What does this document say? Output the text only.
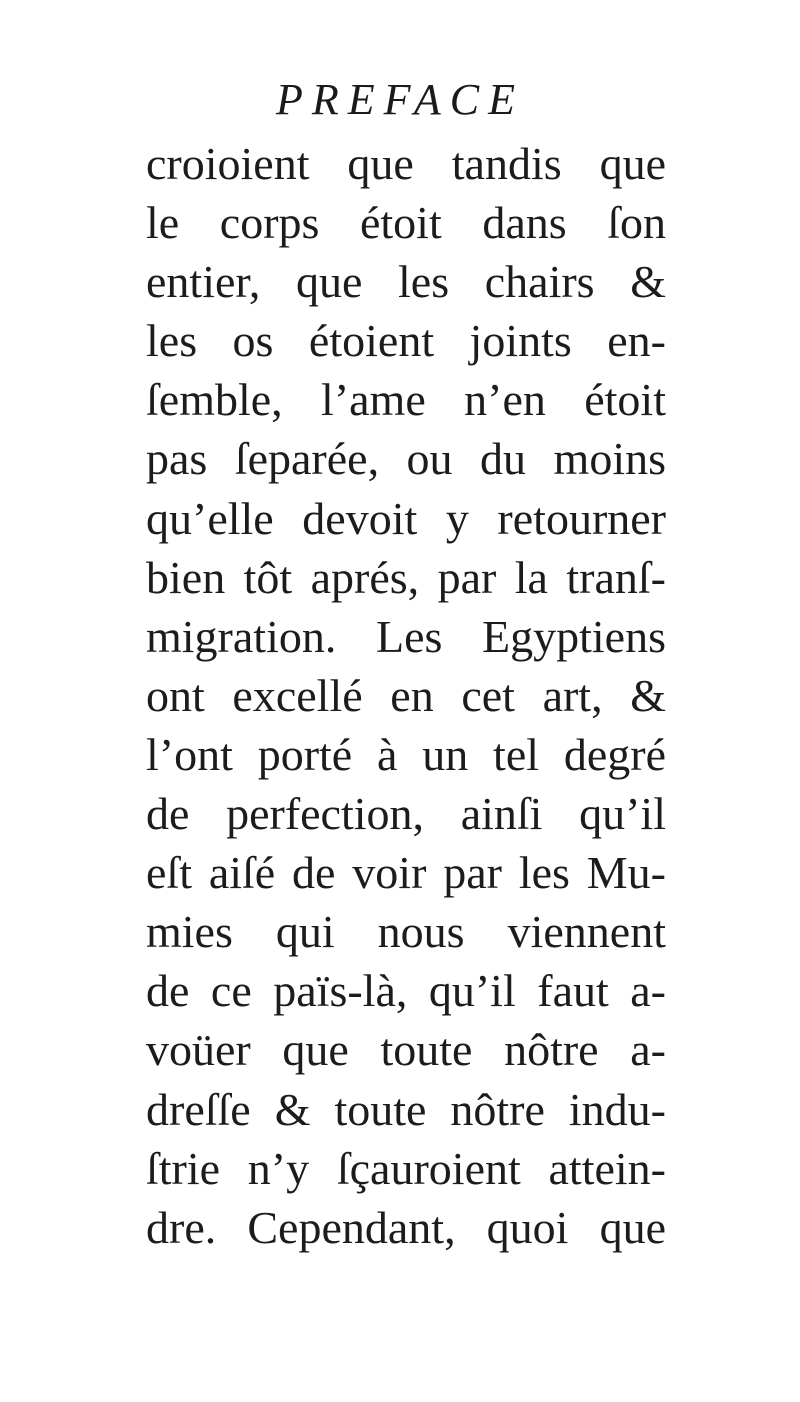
PREFACE
croioient que tandis que
le corps étoit dans ſon
entier, que les chairs &
les os étoient joints en-
ſemble, l’ame n’en étoit
pas ſeparée, ou du moins
qu’elle devoit y retourner
bien tôt aprés, par la tranſ-
migration. Les Egyptiens
ont excellé en cet art, &
l’ont porté à un tel degré
de perfection, ainſi qu’il
eſt aiſé de voir par les Mu-
mies qui nous viennent
de ce païs-là, qu’il faut a-
voüer que toute nôtre a-
dreſſe & toute nôtre indu-
ſtrie n’y ſçauroient attein-
dre. Cependant, quoi que
